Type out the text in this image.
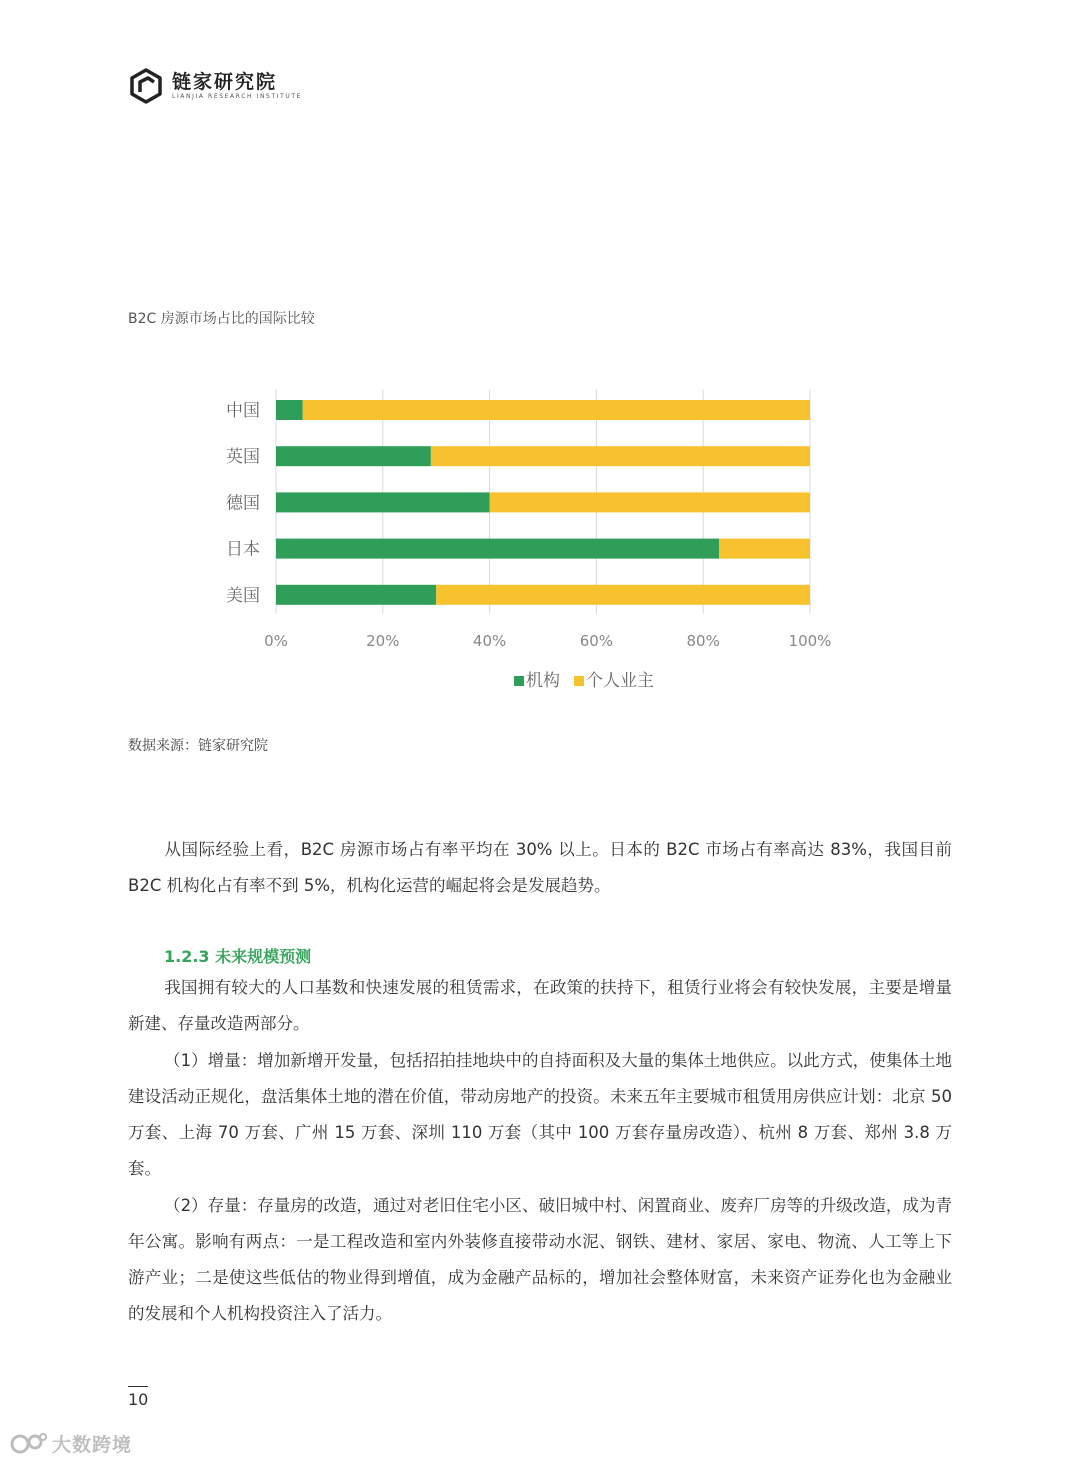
链家研究院
LIANJIA RESEARCH INSTITUTE
B2C 房源市场占比的国际比较
0%	20%	40%	60%	80%	100%
中国
英国
德国
日本
美国
机构 个人业主
数据来源：链家研究院
从国际经验上看，B2C 房源市场占有率平均在 30% 以上。日本的 B2C 市场占有率高达 83%，我国目前 B2C 机构化占有率不到 5%，机构化运营的崛起将会是发展趋势。
1.2.3 未来规模预测
我国拥有较大的人口基数和快速发展的租赁需求，在政策的扶持下，租赁行业将会有较快发展，主要是增量新建、存量改造两部分。
（1）增量：增加新增开发量，包括招拍挂地块中的自持面积及大量的集体土地供应。以此方式，使集体土地建设活动正规化，盘活集体土地的潜在价值，带动房地产的投资。未来五年主要城市租赁用房供应计划：北京 50 万套、上海 70 万套、广州 15 万套、深圳 110 万套（其中 100 万套存量房改造）、杭州 8 万套、郑州 3.8 万套。
（2）存量：存量房的改造，通过对老旧住宅小区、破旧城中村、闲置商业、废弃厂房等的升级改造，成为青年公寓。影响有两点：一是工程改造和室内外装修直接带动水泥、钢铁、建材、家居、家电、物流、人工等上下游产业；二是使这些低估的物业得到增值，成为金融产品标的，增加社会整体财富，未来资产证券化也为金融业的发展和个人机构投资注入了活力。
10
大数跨境
